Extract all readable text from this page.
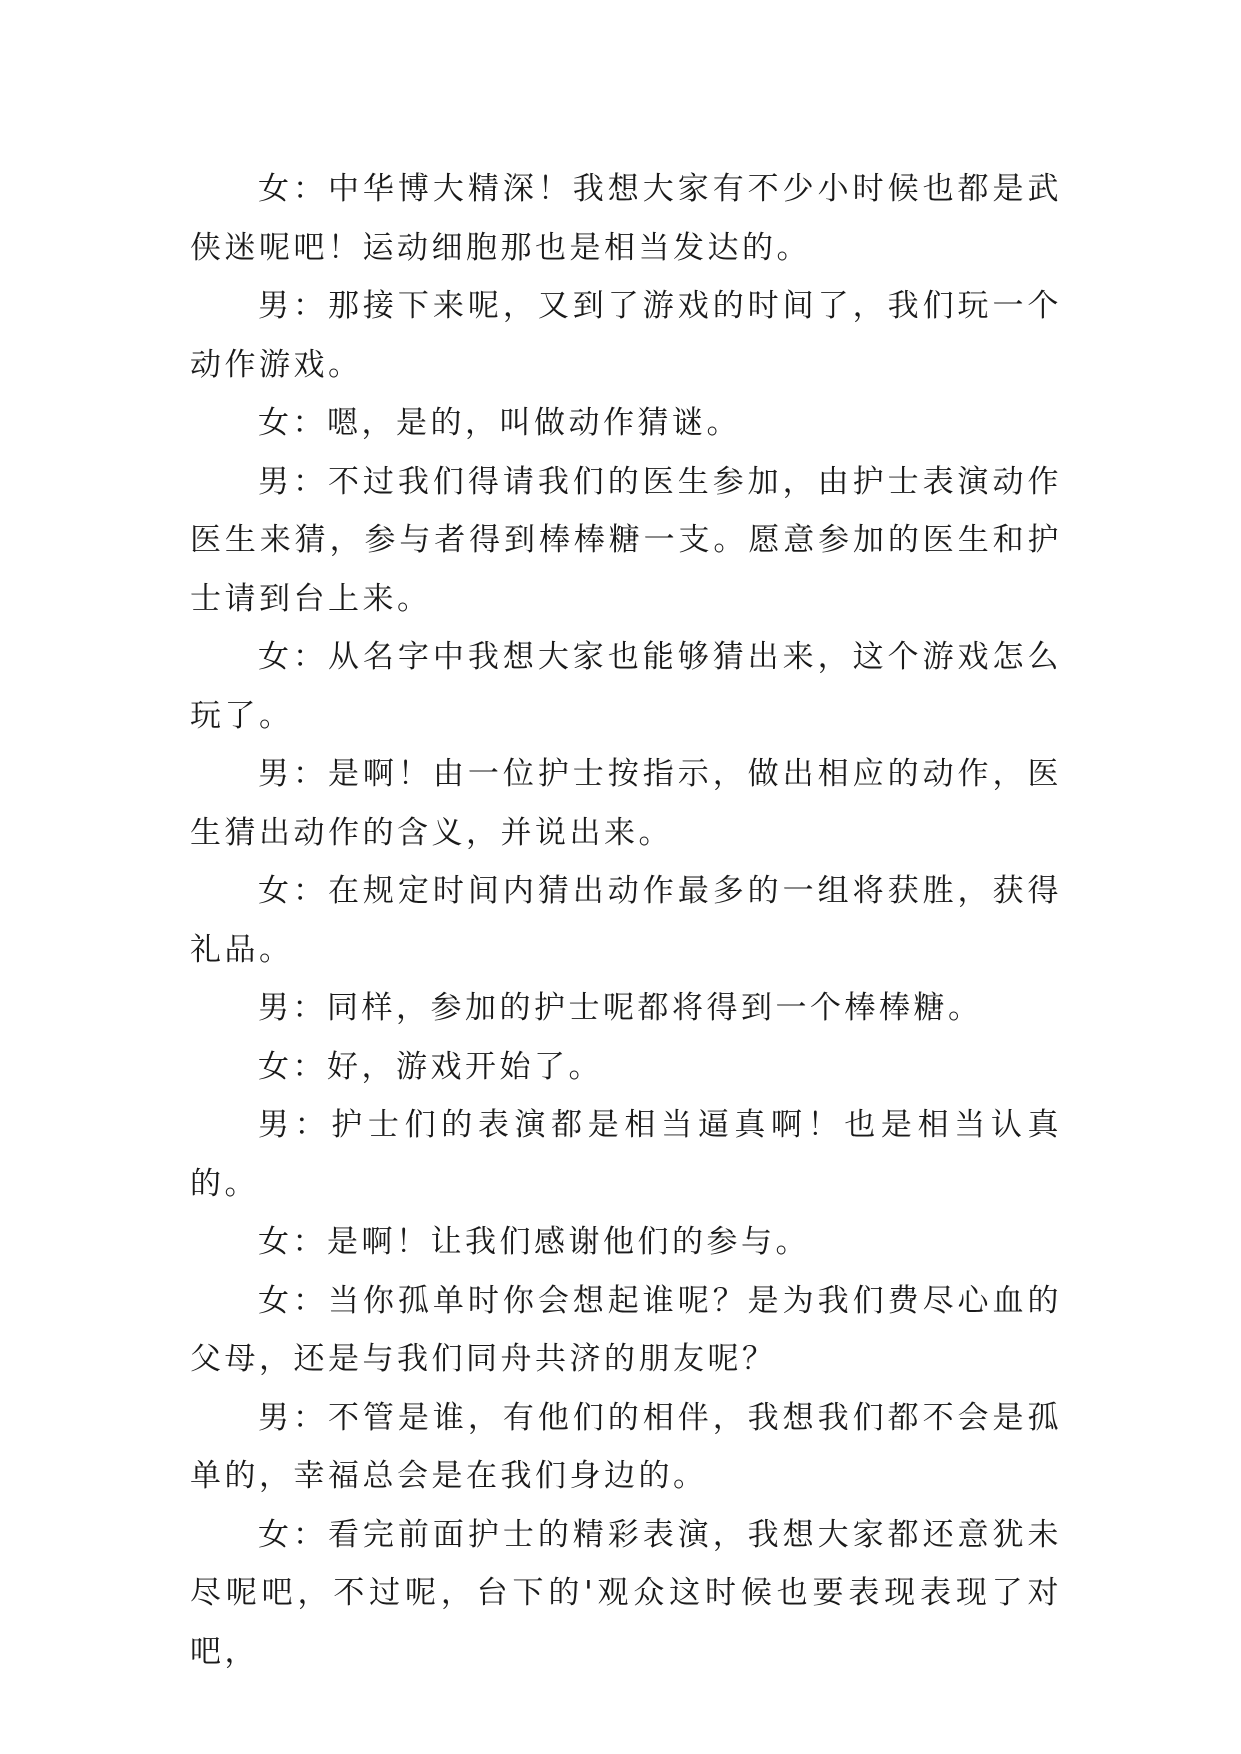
女：中华博大精深！我想大家有不少小时候也都是武侠迷呢吧！运动细胞那也是相当发达的。

男：那接下来呢，又到了游戏的时间了，我们玩一个动作游戏。

女：嗯，是的，叫做动作猜谜。

男：不过我们得请我们的医生参加，由护士表演动作医生来猜，参与者得到棒棒糖一支。愿意参加的医生和护士请到台上来。

女：从名字中我想大家也能够猜出来，这个游戏怎么玩了。

男：是啊！由一位护士按指示，做出相应的动作，医生猜出动作的含义，并说出来。

女：在规定时间内猜出动作最多的一组将获胜，获得礼品。

男：同样，参加的护士呢都将得到一个棒棒糖。

女：好，游戏开始了。

男：护士们的表演都是相当逼真啊！也是相当认真的。

女：是啊！让我们感谢他们的参与。

女：当你孤单时你会想起谁呢？是为我们费尽心血的父母，还是与我们同舟共济的朋友呢？

男：不管是谁，有他们的相伴，我想我们都不会是孤单的，幸福总会是在我们身边的。

女：看完前面护士的精彩表演，我想大家都还意犹未尽呢吧，不过呢，台下的'观众这时候也要表现表现了对吧，
